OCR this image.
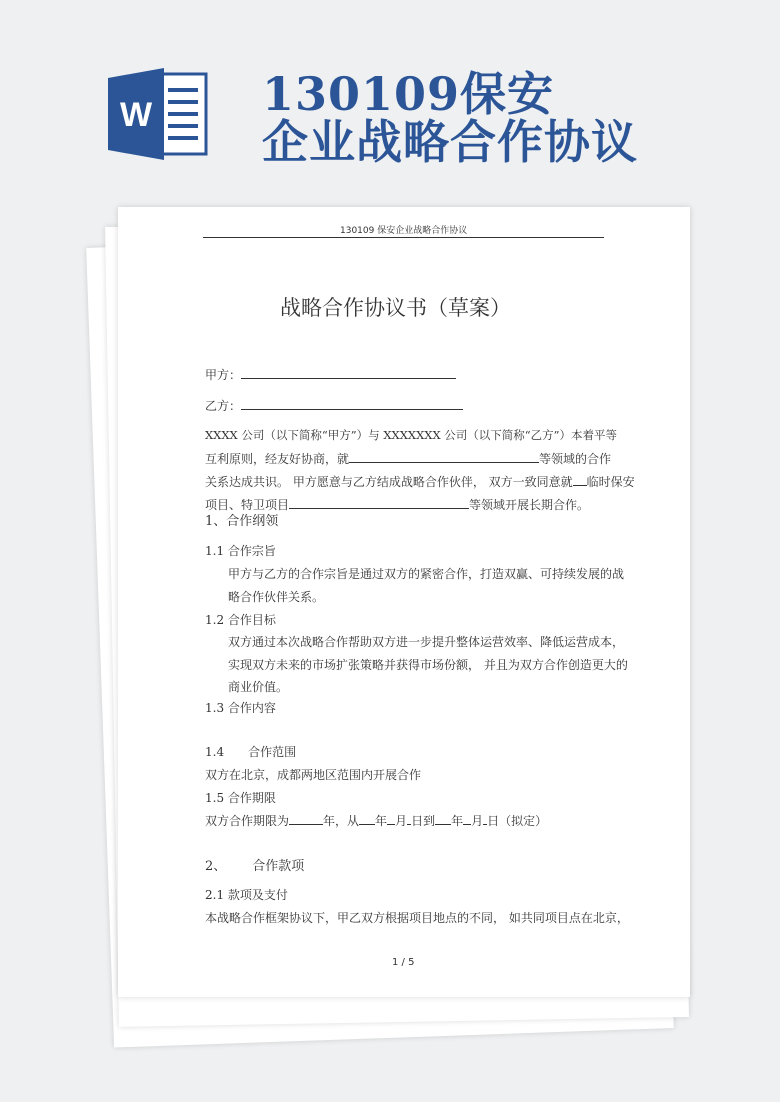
W 130109保安
企业战略合作协议
130109 保安企业战略合作协议
战略合作协议书（草案）
甲方：
乙方：
XXXX 公司（以下简称“甲方”）与 XXXXXXX 公司（以下简称“乙方”）本着平等
互利原则，经友好协商，就	等领域的合作
关系达成共识。 甲方愿意与乙方结成战略合作伙伴， 双方一致同意就 临时保安
项目、特卫项目	等领域开展长期合作。
1、合作纲领
1.1 合作宗旨
甲方与乙方的合作宗旨是通过双方的紧密合作，打造双赢、可持续发展的战
略合作伙伴关系。
1.2 合作目标
双方通过本次战略合作帮助双方进一步提升整体运营效率、降低运营成本，
实现双方未来的市场扩张策略并获得市场份额， 并且为双方合作创造更大的
商业价值。
1.3 合作内容
1.4 合作范围
双方在北京，成都两地区范围内开展合作
1.5 合作期限
双方合作期限为	年，从 年 月 日到 年 月 日（拟定）
2、 合作款项
2.1 款项及支付
本战略合作框架协议下，甲乙双方根据项目地点的不同， 如共同项目点在北京，
1 / 5
